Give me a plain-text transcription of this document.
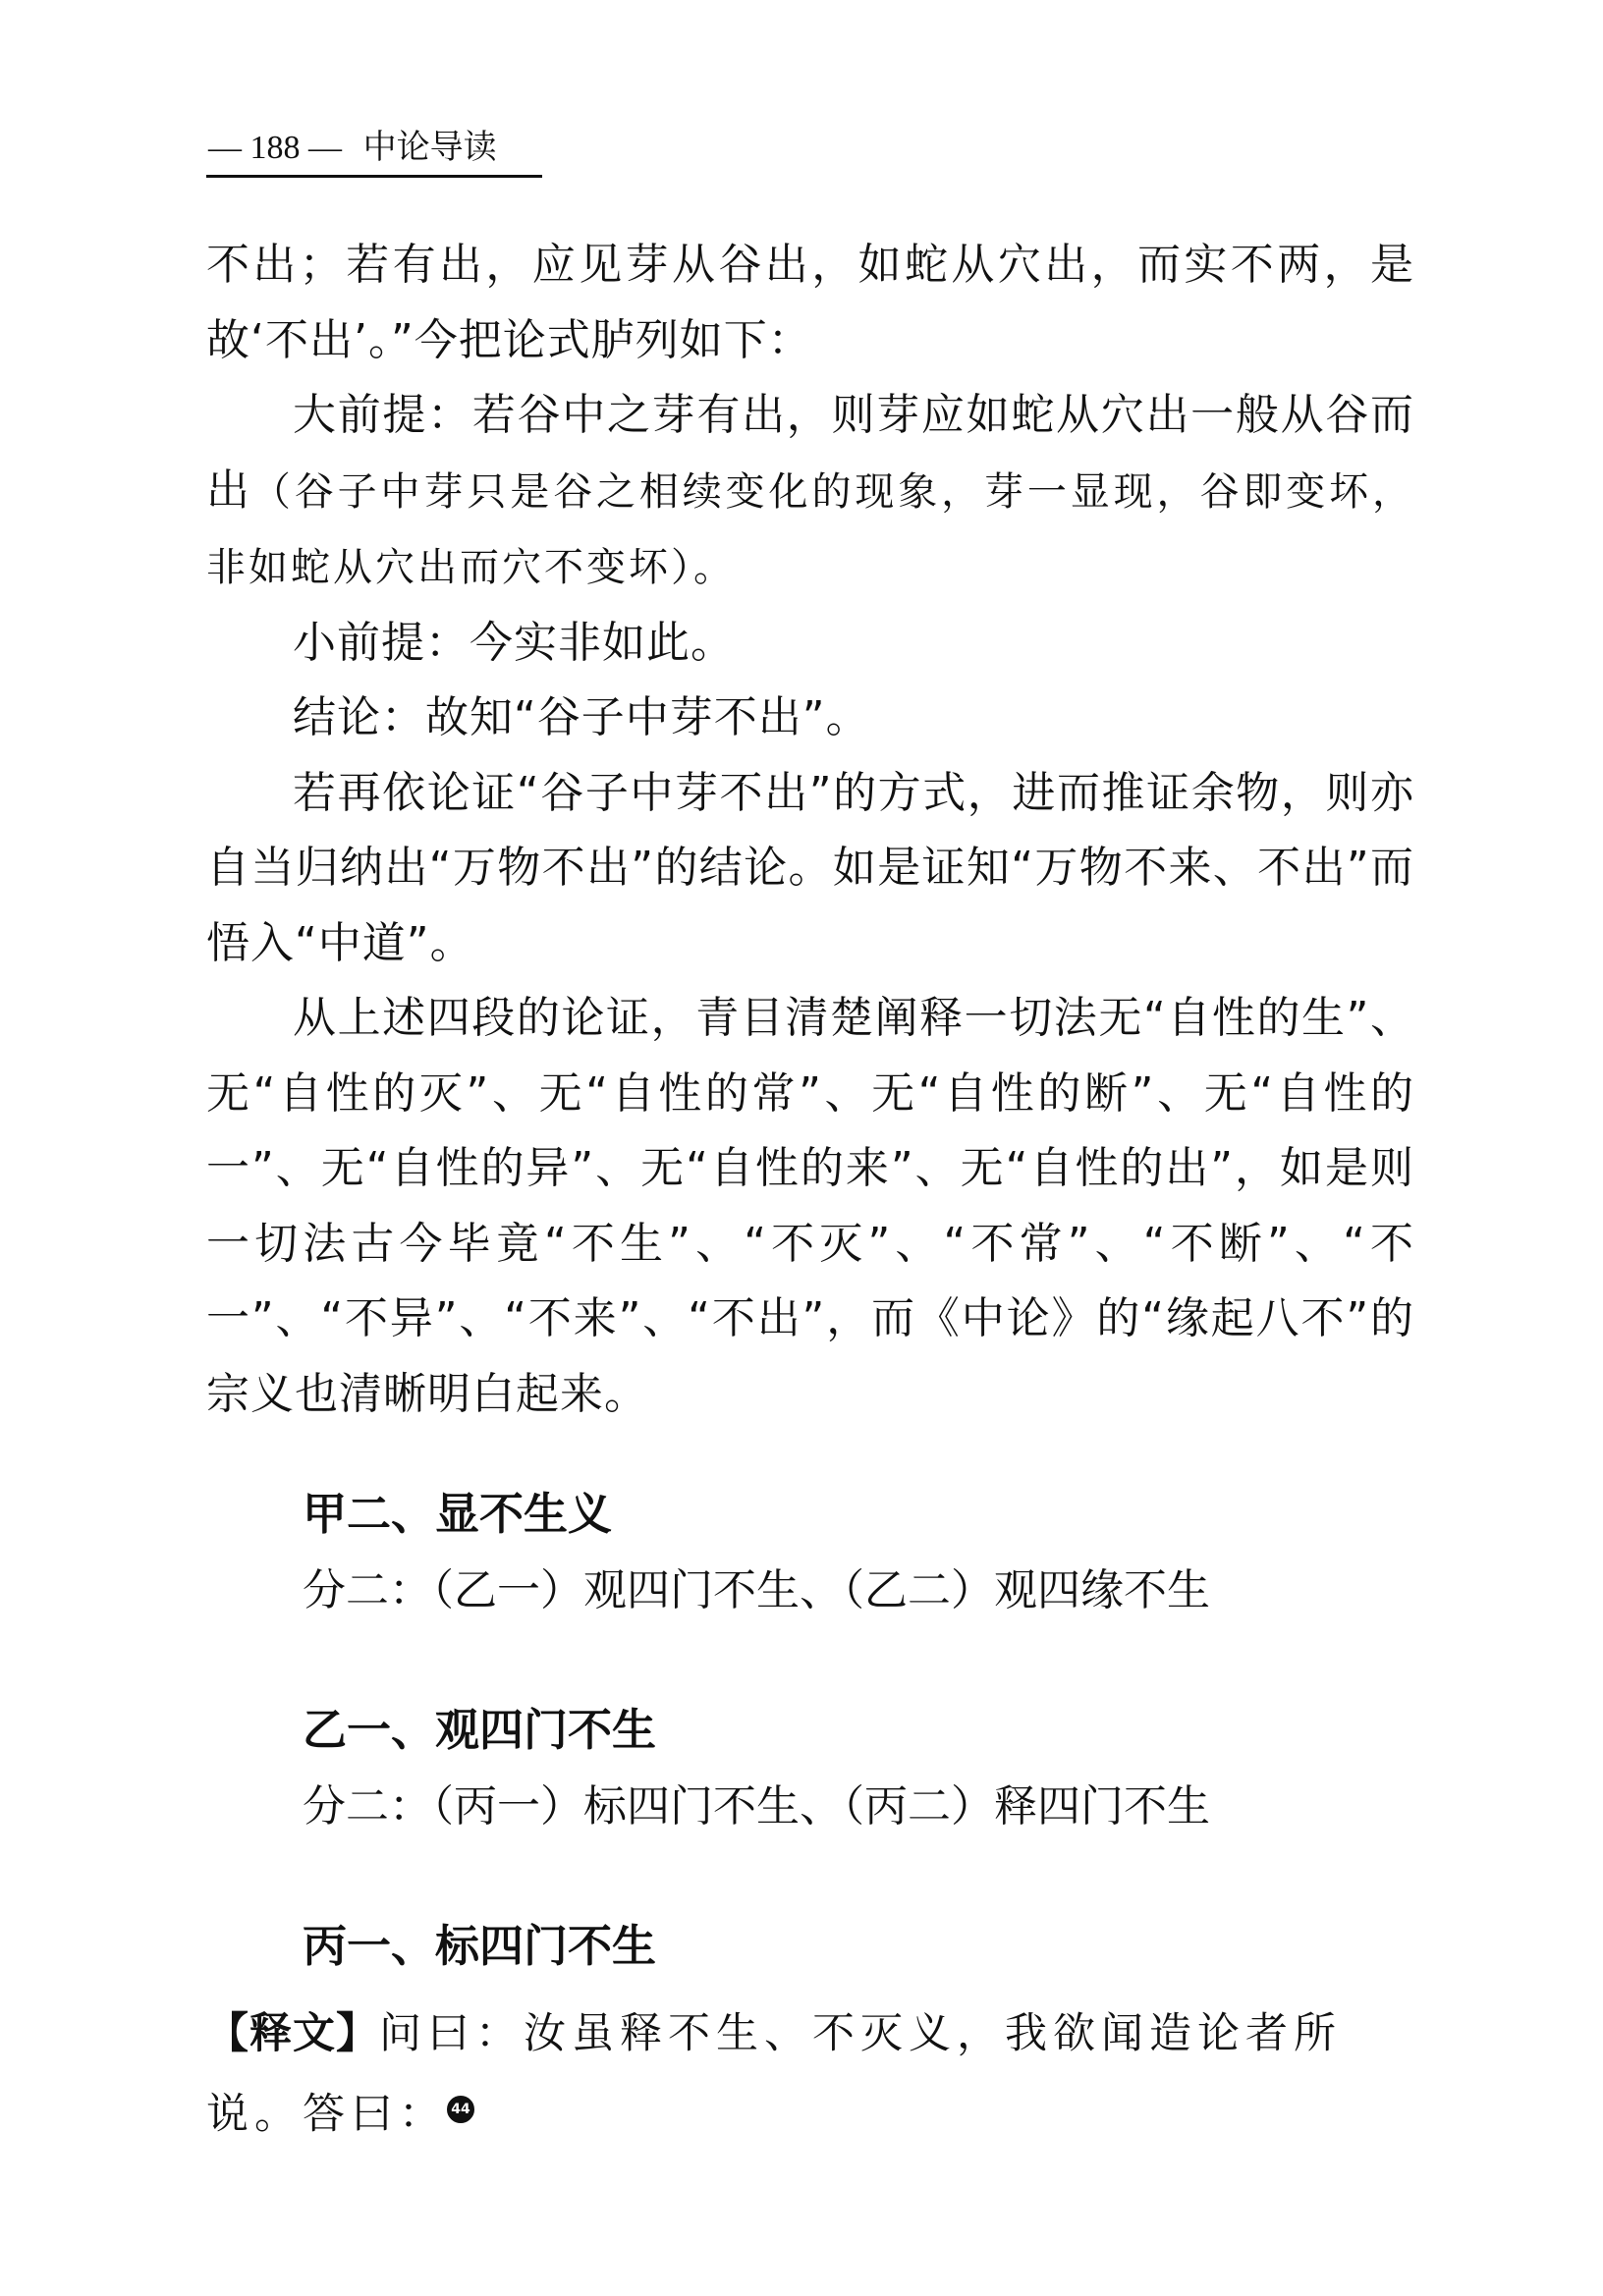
— 188 — 中论导读

不出；若有出，应见芽从谷出，如蛇从穴出，而实不两，是故‘不出’。”今把论式胪列如下：

大前提：若谷中之芽有出，则芽应如蛇从穴出一般从谷而出（谷子中芽只是谷之相续变化的现象，芽一显现，谷即变坏，非如蛇从穴出而穴不变坏）。

小前提：今实非如此。

结论：故知“谷子中芽不出”。

若再依论证“谷子中芽不出”的方式，进而推证余物，则亦自当归纳出“万物不出”的结论。如是证知“万物不来、不出”而悟入“中道”。

从上述四段的论证，青目清楚阐释一切法无“自性的生”、无“自性的灭”、无“自性的常”、无“自性的断”、无“自性的一”、无“自性的异”、无“自性的来”、无“自性的出”，如是则一切法古今毕竟“不生”、“不灭”、“不常”、“不断”、“不一”、“不异”、“不来”、“不出”，而《中论》的“缘起八不”的宗义也清晰明白起来。

甲二、显不生义
分二：（乙一）观四门不生、（乙二）观四缘不生
乙一、观四门不生
分二：（丙一）标四门不生、（丙二）释四门不生
丙一、标四门不生
【释文】问曰：汝虽释不生、不灭义，我欲闻造论者所说。答曰： 44
